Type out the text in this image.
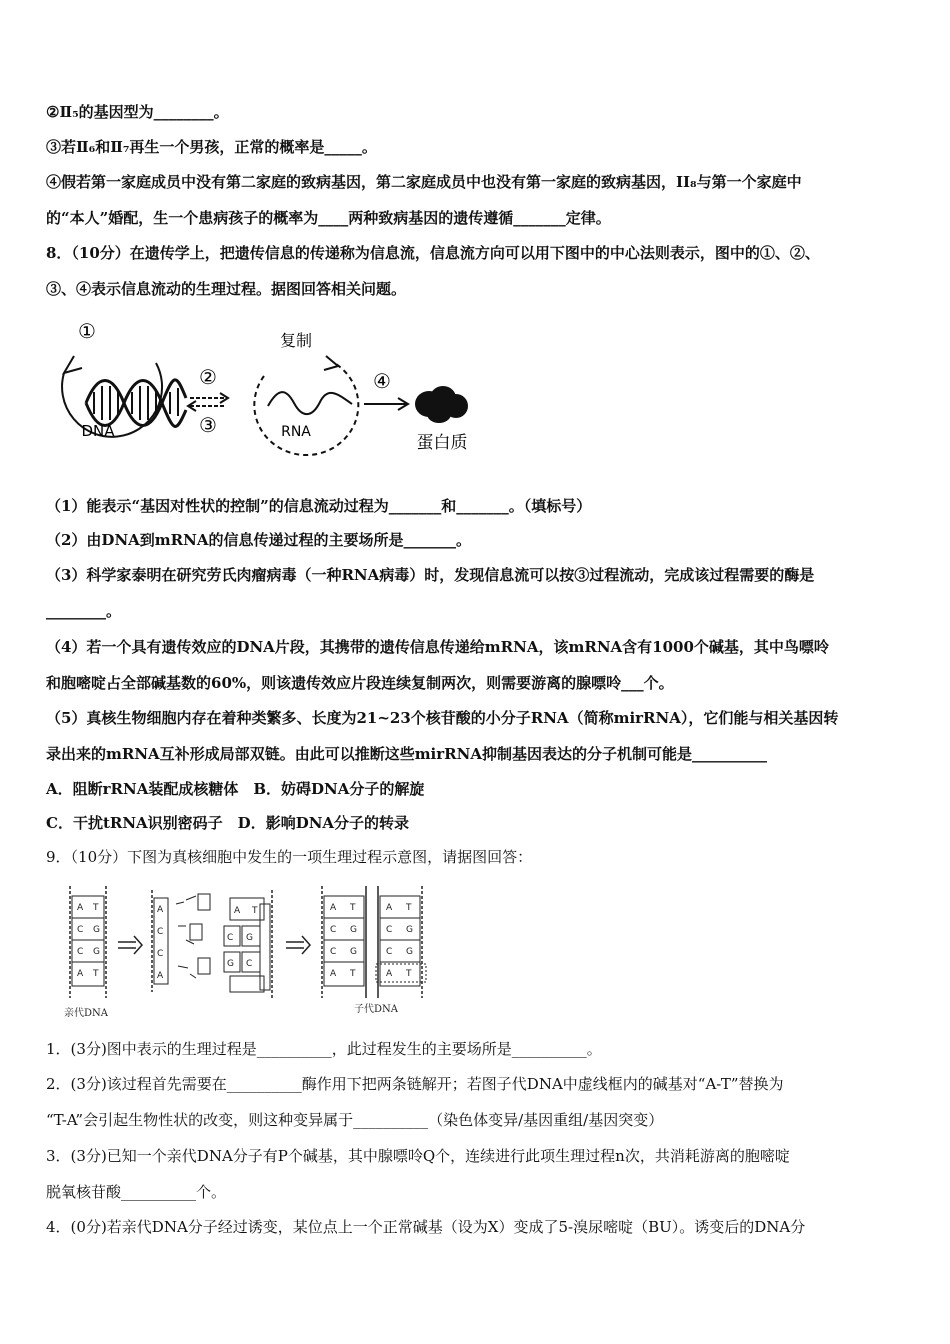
②Ⅱ₅的基因型为________。
③若Ⅱ₆和Ⅱ₇再生一个男孩，正常的概率是_____。
④假若第一家庭成员中没有第二家庭的致病基因，第二家庭成员中也没有第一家庭的致病基因，II₈与第一个家庭中
的“本人”婚配，生一个患病孩子的概率为____两种致病基因的遗传遵循_______定律。
8．（10分）在遗传学上，把遗传信息的传递称为信息流，信息流方向可以用下图中的中心法则表示，图中的①、②、
③、④表示信息流动的生理过程。据图回答相关问题。
①
DNA
②
③
复制
RNA
④
蛋白质
（1）能表示“基因对性状的控制”的信息流动过程为_______和_______。（填标号）
（2）由DNA到mRNA的信息传递过程的主要场所是_______。
（3）科学家泰明在研究劳氏肉瘤病毒（一种RNA病毒）时，发现信息流可以按③过程流动，完成该过程需要的酶是
________。
（4）若一个具有遗传效应的DNA片段，其携带的遗传信息传递给mRNA，该mRNA含有1000个碱基，其中鸟嘌呤
和胞嘧啶占全部碱基数的60%，则该遗传效应片段连续复制两次，则需要游离的腺嘌呤___个。
（5）真核生物细胞内存在着种类繁多、长度为21~23个核苷酸的小分子RNA（简称mirRNA），它们能与相关基因转
录出来的mRNA互补形成局部双链。由此可以推断这些mirRNA抑制基因表达的分子机制可能是__________
A．阻断rRNA装配成核糖体　B．妨碍DNA分子的解旋
C．干扰tRNA识别密码子　D．影响DNA分子的转录
9．（10分）下图为真核细胞中发生的一项生理过程示意图，请据图回答：
A T
C G
C G
A T
亲代DNA
A
C
C
A
A T
C G
G C
A T
C G
C G
A T
A T
C G
C G
A T
子代DNA
1．(3分)图中表示的生理过程是__________，此过程发生的主要场所是__________。
2．(3分)该过程首先需要在__________酶作用下把两条链解开；若图子代DNA中虚线框内的碱基对“A-T”替换为
“T-A”会引起生物性状的改变，则这种变异属于__________（染色体变异/基因重组/基因突变）
3．(3分)已知一个亲代DNA分子有P个碱基，其中腺嘌呤Q个，连续进行此项生理过程n次，共消耗游离的胞嘧啶
脱氧核苷酸__________个。
4．(0分)若亲代DNA分子经过诱变，某位点上一个正常碱基（设为X）变成了5-溴尿嘧啶（BU）。诱变后的DNA分
